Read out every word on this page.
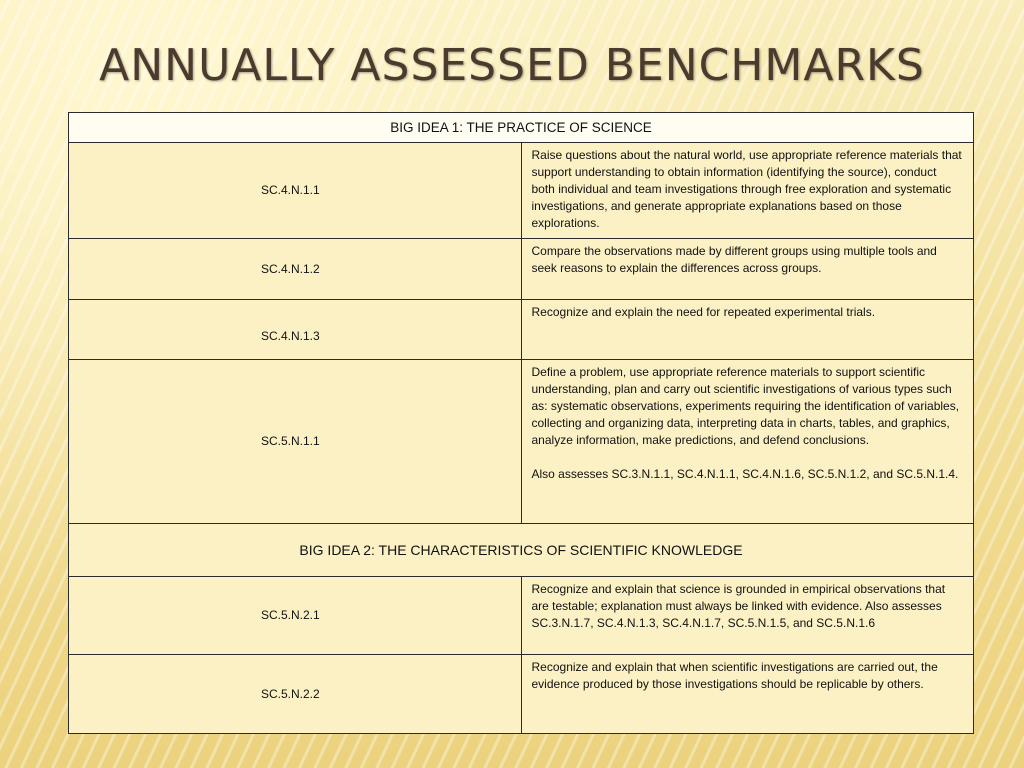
ANNUALLY ASSESSED BENCHMARKS
BIG IDEA 1: THE PRACTICE OF SCIENCE	
SC.4.N.1.1	Raise questions about the natural world, use appropriate reference materials that support understanding to obtain information (identifying the source), conduct both individual and team investigations through free exploration and systematic investigations, and generate appropriate explanations based on those explorations.
SC.4.N.1.2	Compare the observations made by different groups using multiple tools and seek reasons to explain the differences across groups.
SC.4.N.1.3	Recognize and explain the need for repeated experimental trials.
SC.5.N.1.1	Define a problem, use appropriate reference materials to support scientific understanding, plan and carry out scientific investigations of various types such as: systematic observations, experiments requiring the identification of variables, collecting and organizing data, interpreting data in charts, tables, and graphics, analyze information, make predictions, and defend conclusions.
Also assesses SC.3.N.1.1, SC.4.N.1.1, SC.4.N.1.6, SC.5.N.1.2, and SC.5.N.1.4.
BIG IDEA 2: THE CHARACTERISTICS OF SCIENTIFIC KNOWLEDGE	
SC.5.N.2.1	Recognize and explain that science is grounded in empirical observations that are testable; explanation must always be linked with evidence. Also assesses SC.3.N.1.7, SC.4.N.1.3, SC.4.N.1.7, SC.5.N.1.5, and SC.5.N.1.6
SC.5.N.2.2	Recognize and explain that when scientific investigations are carried out, the evidence produced by those investigations should be replicable by others.
